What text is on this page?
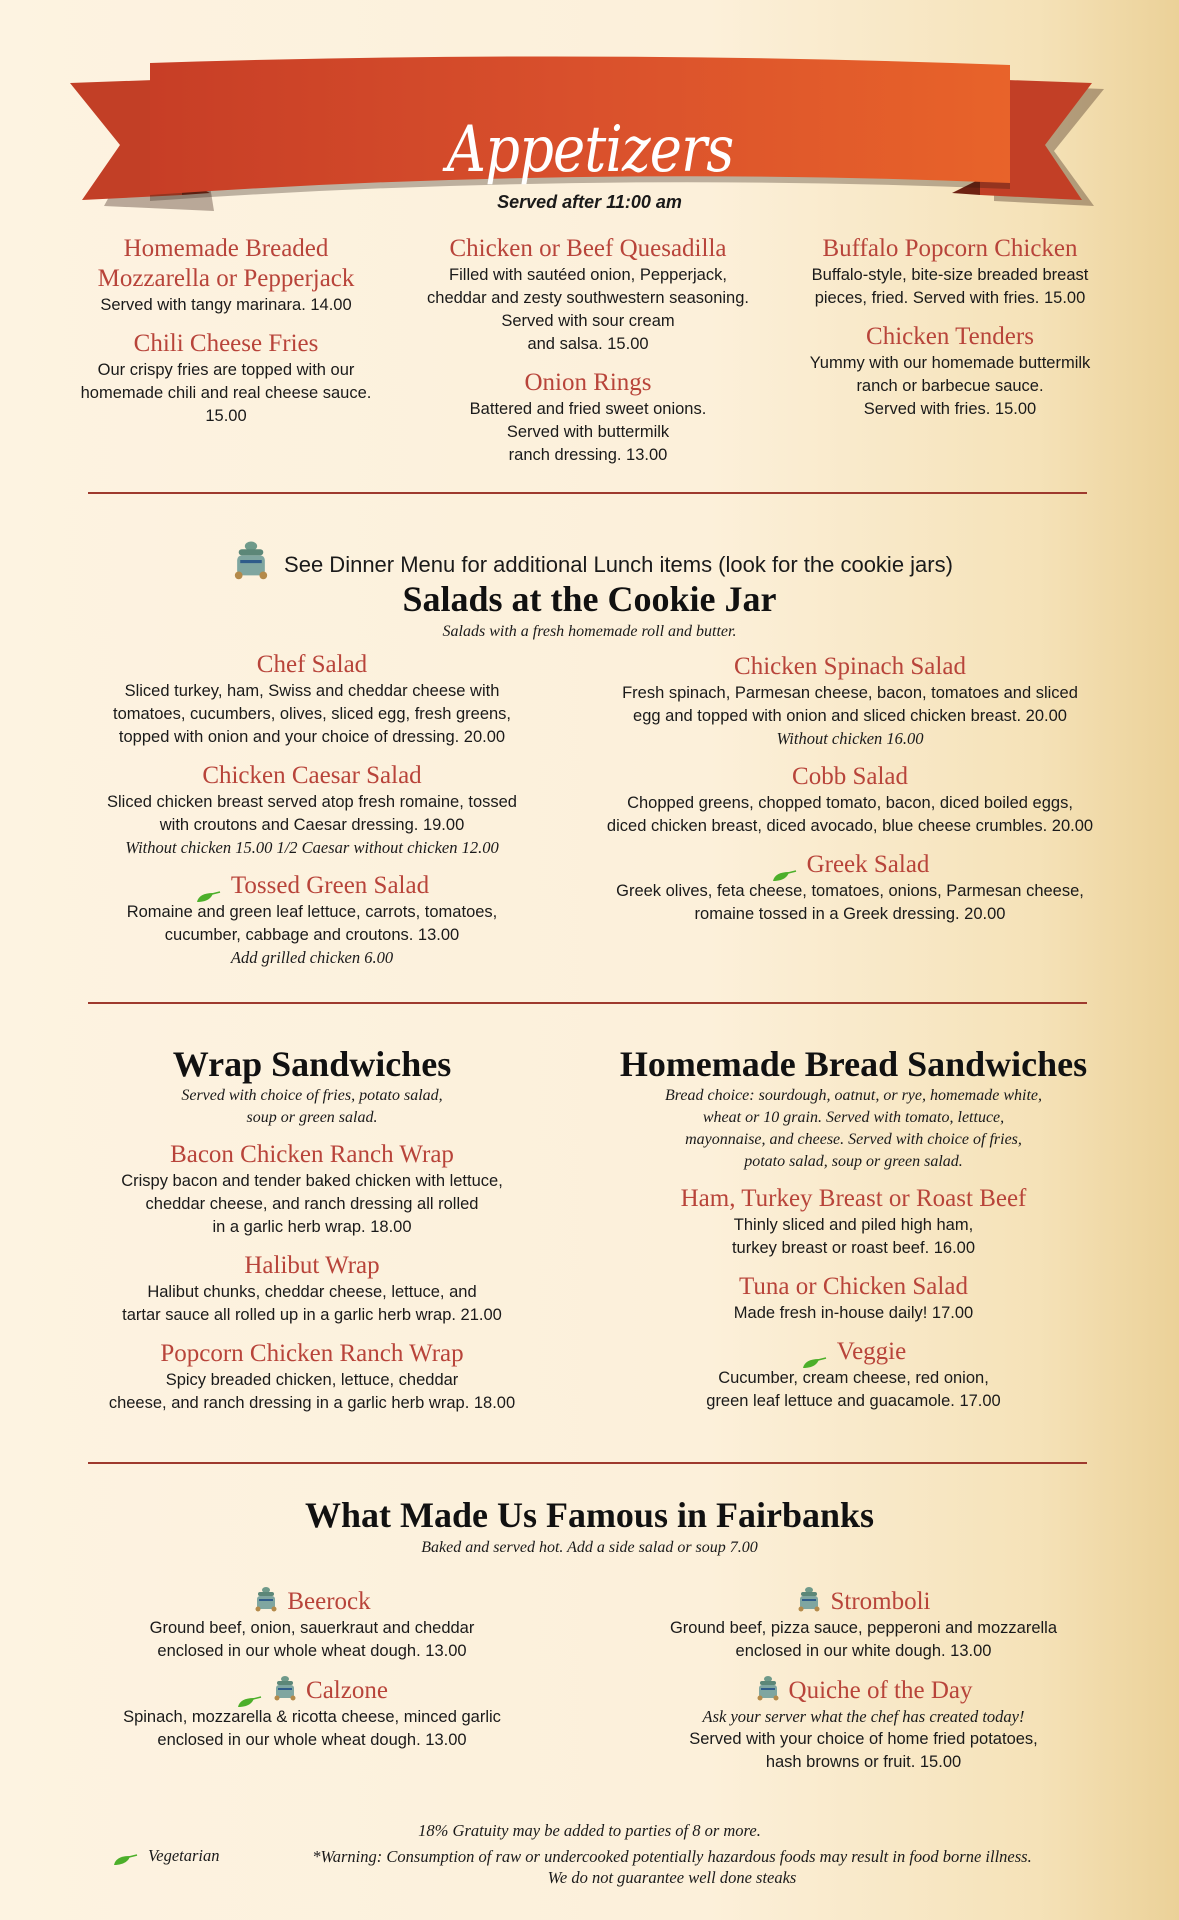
Appetizers
Served after 11:00 am
Homemade Breaded
Mozzarella or Pepperjack
Served with tangy marinara. 14.00
Chili Cheese Fries
Our crispy fries are topped with our
homemade chili and real cheese sauce.
15.00
Chicken or Beef Quesadilla
Filled with sautéed onion, Pepperjack,
cheddar and zesty southwestern seasoning.
Served with sour cream
and salsa. 15.00
Onion Rings
Battered and fried sweet onions.
Served with buttermilk
ranch dressing. 13.00
Buffalo Popcorn Chicken
Buffalo-style, bite-size breaded breast
pieces, fried. Served with fries. 15.00
Chicken Tenders
Yummy with our homemade buttermilk
ranch or barbecue sauce.
Served with fries. 15.00
See Dinner Menu for additional Lunch items (look for the cookie jars)
Salads at the Cookie Jar
Salads with a fresh homemade roll and butter.
Chef Salad
Sliced turkey, ham, Swiss and cheddar cheese with
tomatoes, cucumbers, olives, sliced egg, fresh greens,
topped with onion and your choice of dressing. 20.00
Chicken Caesar Salad
Sliced chicken breast served atop fresh romaine, tossed
with croutons and Caesar dressing. 19.00
Without chicken 15.00 1/2 Caesar without chicken 12.00
Tossed Green Salad
Romaine and green leaf lettuce, carrots, tomatoes,
cucumber, cabbage and croutons. 13.00
Add grilled chicken 6.00
Chicken Spinach Salad
Fresh spinach, Parmesan cheese, bacon, tomatoes and sliced
egg and topped with onion and sliced chicken breast. 20.00
Without chicken 16.00
Cobb Salad
Chopped greens, chopped tomato, bacon, diced boiled eggs,
diced chicken breast, diced avocado, blue cheese crumbles. 20.00
Greek Salad
Greek olives, feta cheese, tomatoes, onions, Parmesan cheese,
romaine tossed in a Greek dressing. 20.00
Wrap Sandwiches
Served with choice of fries, potato salad,
soup or green salad.
Bacon Chicken Ranch Wrap
Crispy bacon and tender baked chicken with lettuce,
cheddar cheese, and ranch dressing all rolled
in a garlic herb wrap. 18.00
Halibut Wrap
Halibut chunks, cheddar cheese, lettuce, and
tartar sauce all rolled up in a garlic herb wrap. 21.00
Popcorn Chicken Ranch Wrap
Spicy breaded chicken, lettuce, cheddar
cheese, and ranch dressing in a garlic herb wrap. 18.00
Homemade Bread Sandwiches
Bread choice: sourdough, oatnut, or rye, homemade white,
wheat or 10 grain. Served with tomato, lettuce,
mayonnaise, and cheese. Served with choice of fries,
potato salad, soup or green salad.
Ham, Turkey Breast or Roast Beef
Thinly sliced and piled high ham,
turkey breast or roast beef. 16.00
Tuna or Chicken Salad
Made fresh in-house daily! 17.00
Veggie
Cucumber, cream cheese, red onion,
green leaf lettuce and guacamole. 17.00
What Made Us Famous in Fairbanks
Baked and served hot. Add a side salad or soup 7.00
Beerock
Ground beef, onion, sauerkraut and cheddar
enclosed in our whole wheat dough. 13.00
Calzone
Spinach, mozzarella & ricotta cheese, minced garlic
enclosed in our whole wheat dough. 13.00
Stromboli
Ground beef, pizza sauce, pepperoni and mozzarella
enclosed in our white dough. 13.00
Quiche of the Day
Ask your server what the chef has created today!
Served with your choice of home fried potatoes,
hash browns or fruit. 15.00
18% Gratuity may be added to parties of 8 or more.
Vegetarian	*Warning: Consumption of raw or undercooked potentially hazardous foods may result in food borne illness.
We do not guarantee well done steaks
